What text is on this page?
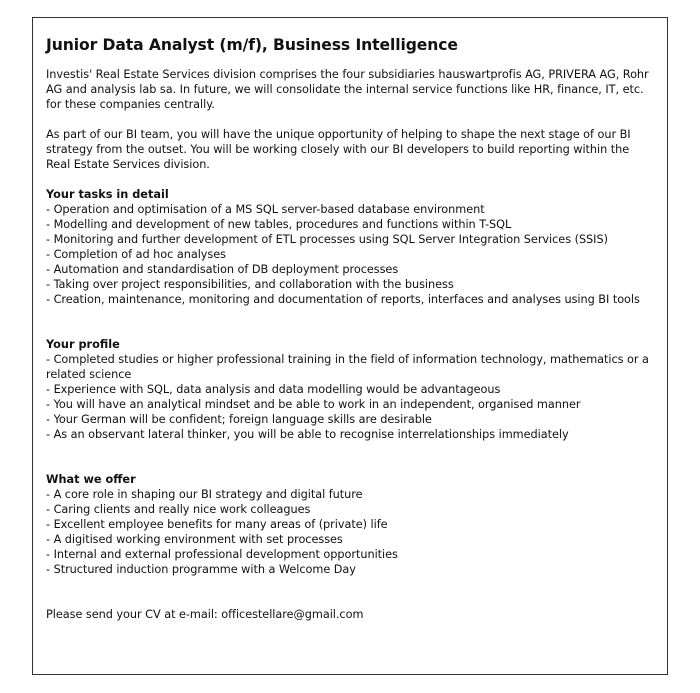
Junior Data Analyst (m/f), Business Intelligence

Investis' Real Estate Services division comprises the four subsidiaries hauswartprofis AG, PRIVERA AG, Rohr AG and analysis lab sa. In future, we will consolidate the internal service functions like HR, finance, IT, etc. for these companies centrally.

As part of our BI team, you will have the unique opportunity of helping to shape the next stage of our BI strategy from the outset. You will be working closely with our BI developers to build reporting within the Real Estate Services division.

Your tasks in detail

- Operation and optimisation of a MS SQL server-based database environment
- Modelling and development of new tables, procedures and functions within T-SQL
- Monitoring and further development of ETL processes using SQL Server Integration Services (SSIS)
- Completion of ad hoc analyses
- Automation and standardisation of DB deployment processes
- Taking over project responsibilities, and collaboration with the business
- Creation, maintenance, monitoring and documentation of reports, interfaces and analyses using BI tools

Your profile

- Completed studies or higher professional training in the field of information technology, mathematics or a related science
- Experience with SQL, data analysis and data modelling would be advantageous
- You will have an analytical mindset and be able to work in an independent, organised manner
- Your German will be confident; foreign language skills are desirable
- As an observant lateral thinker, you will be able to recognise interrelationships immediately

What we offer

- A core role in shaping our BI strategy and digital future
- Caring clients and really nice work colleagues
- Excellent employee benefits for many areas of (private) life
- A digitised working environment with set processes
- Internal and external professional development opportunities
- Structured induction programme with a Welcome Day

Please send your CV at e-mail: officestellare@gmail.com
